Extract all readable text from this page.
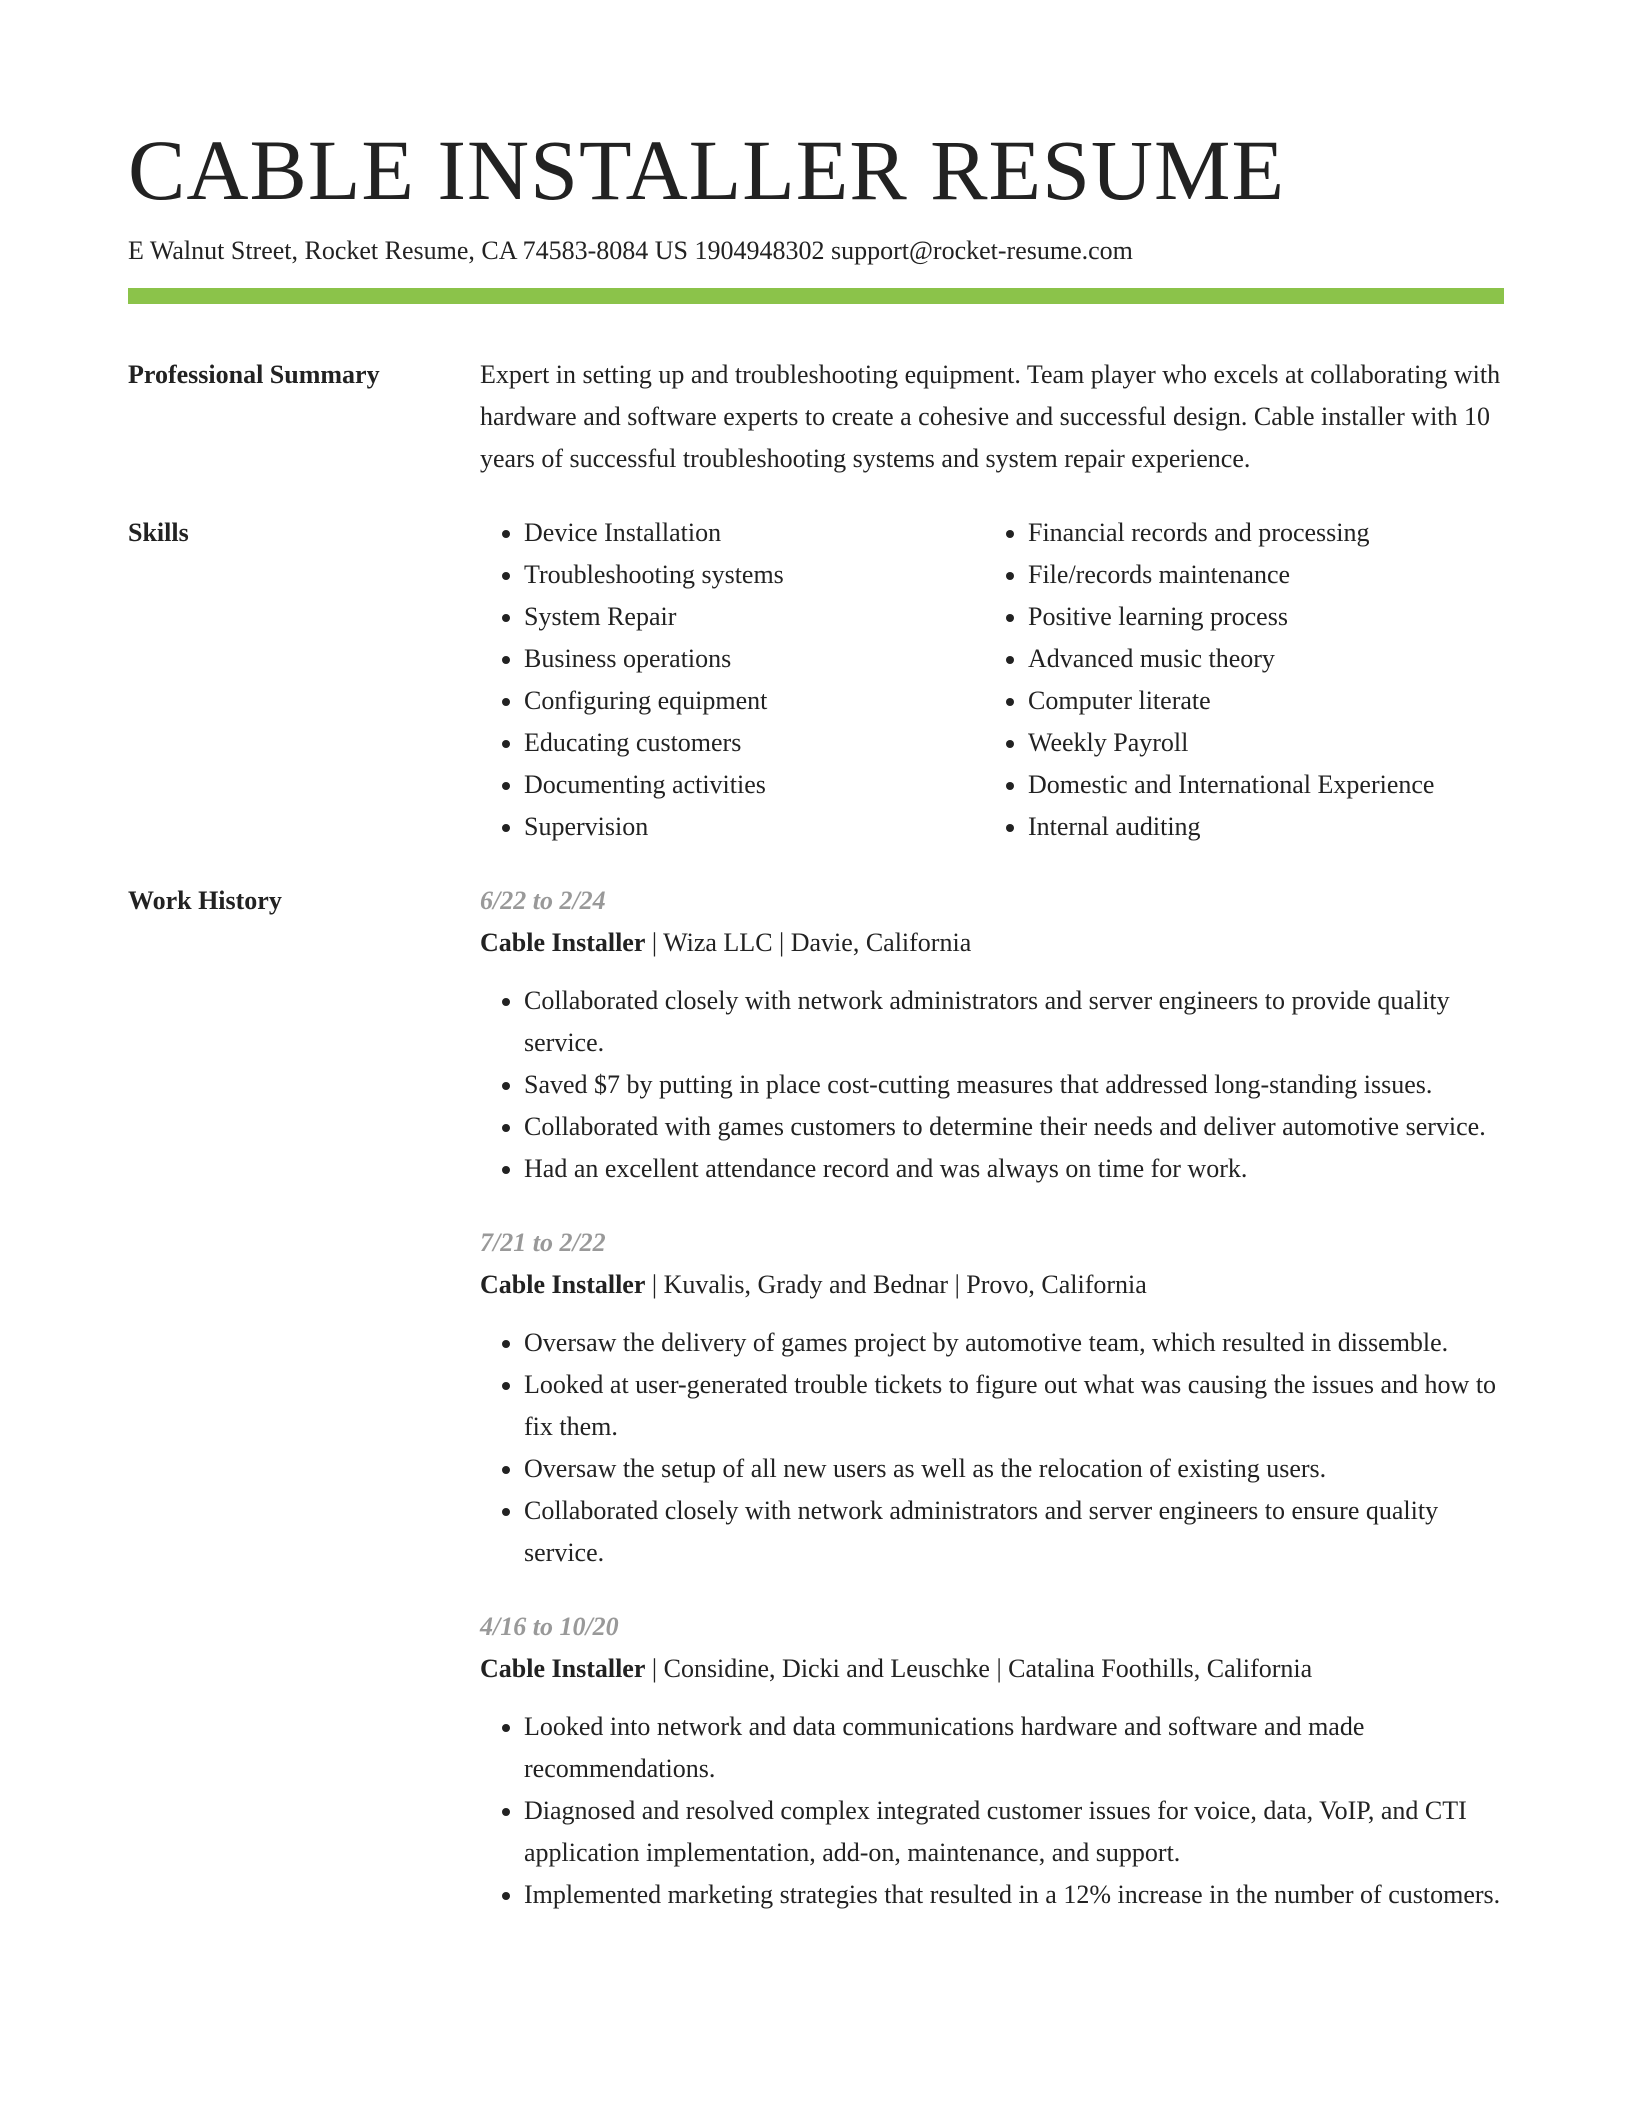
CABLE INSTALLER RESUME
E Walnut Street, Rocket Resume, CA 74583-8084 US 1904948302 support@rocket-resume.com
Professional Summary	Expert in setting up and troubleshooting equipment. Team player who excels at collaborating with hardware and software experts to create a cohesive and successful design. Cable installer with 10 years of successful troubleshooting systems and system repair experience.
Skills
•	Device Installation
• Troubleshooting systems
• System Repair
• Business operations
• Configuring equipment
• Educating customers
• Documenting activities
• Supervision
• Financial records and processing
• File/records maintenance
• Positive learning process
• Advanced music theory
• Computer literate
• Weekly Payroll
• Domestic and International Experience
• Internal auditing
Work History	6/22 to 2/24
Cable Installer | Wiza LLC | Davie, California
• Collaborated closely with network administrators and server engineers to provide quality service.
• Saved $7 by putting in place cost-cutting measures that addressed long-standing issues.
• Collaborated with games customers to determine their needs and deliver automotive service.
• Had an excellent attendance record and was always on time for work.
7/21 to 2/22
Cable Installer | Kuvalis, Grady and Bednar | Provo, California
• Oversaw the delivery of games project by automotive team, which resulted in dissemble.
• Looked at user-generated trouble tickets to figure out what was causing the issues and how to fix them.
• Oversaw the setup of all new users as well as the relocation of existing users.
• Collaborated closely with network administrators and server engineers to ensure quality service.
4/16 to 10/20
Cable Installer | Considine, Dicki and Leuschke | Catalina Foothills, California
• Looked into network and data communications hardware and software and made recommendations.
• Diagnosed and resolved complex integrated customer issues for voice, data, VoIP, and CTI application implementation, add-on, maintenance, and support.
• Implemented marketing strategies that resulted in a 12% increase in the number of customers.
